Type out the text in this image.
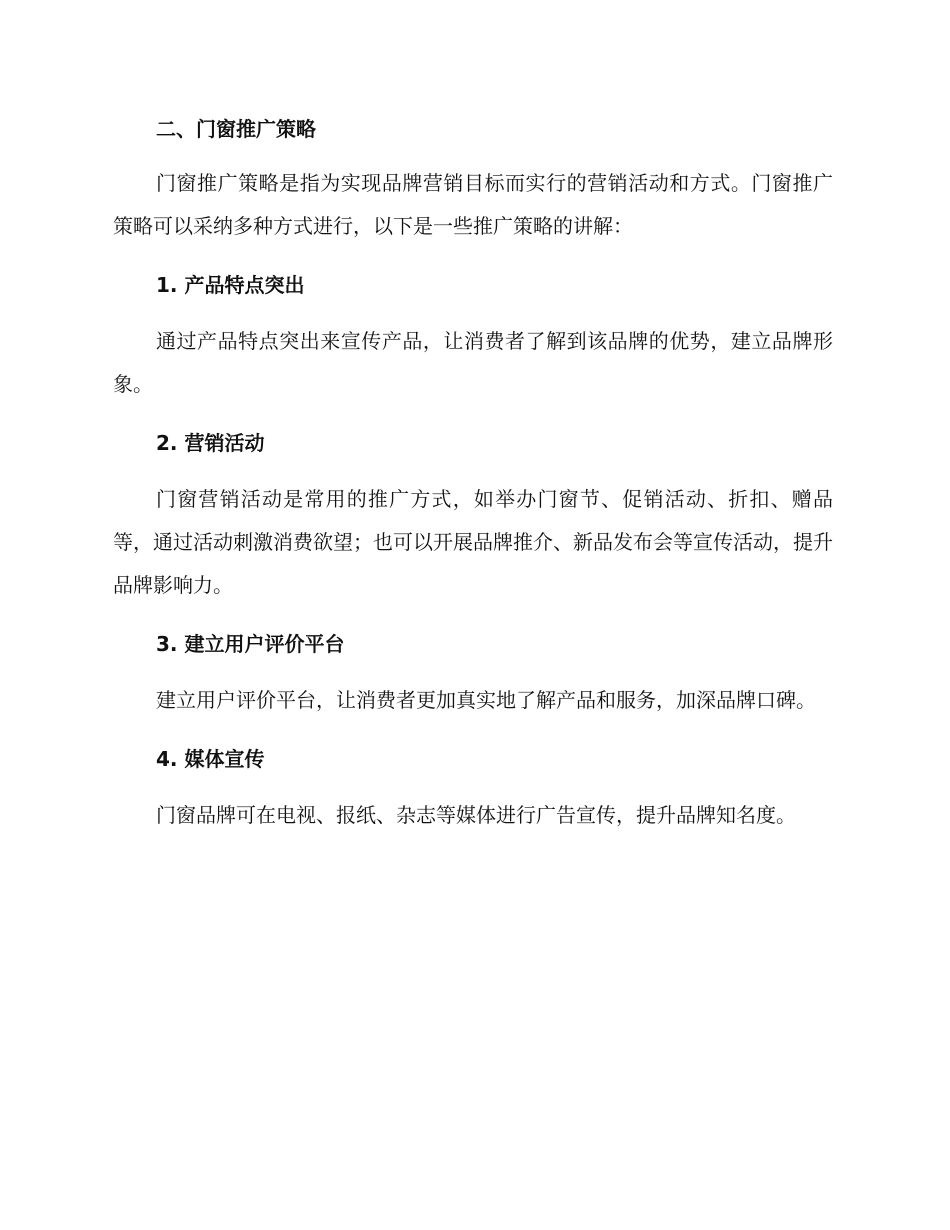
二、门窗推广策略

门窗推广策略是指为实现品牌营销目标而实行的营销活动和方式。门窗推广策略可以采纳多种方式进行，以下是一些推广策略的讲解：

1. 产品特点突出

通过产品特点突出来宣传产品，让消费者了解到该品牌的优势，建立品牌形象。

2. 营销活动

门窗营销活动是常用的推广方式，如举办门窗节、促销活动、折扣、赠品等，通过活动刺激消费欲望；也可以开展品牌推介、新品发布会等宣传活动，提升品牌影响力。

3. 建立用户评价平台

建立用户评价平台，让消费者更加真实地了解产品和服务，加深品牌口碑。

4. 媒体宣传

门窗品牌可在电视、报纸、杂志等媒体进行广告宣传，提升品牌知名度。
